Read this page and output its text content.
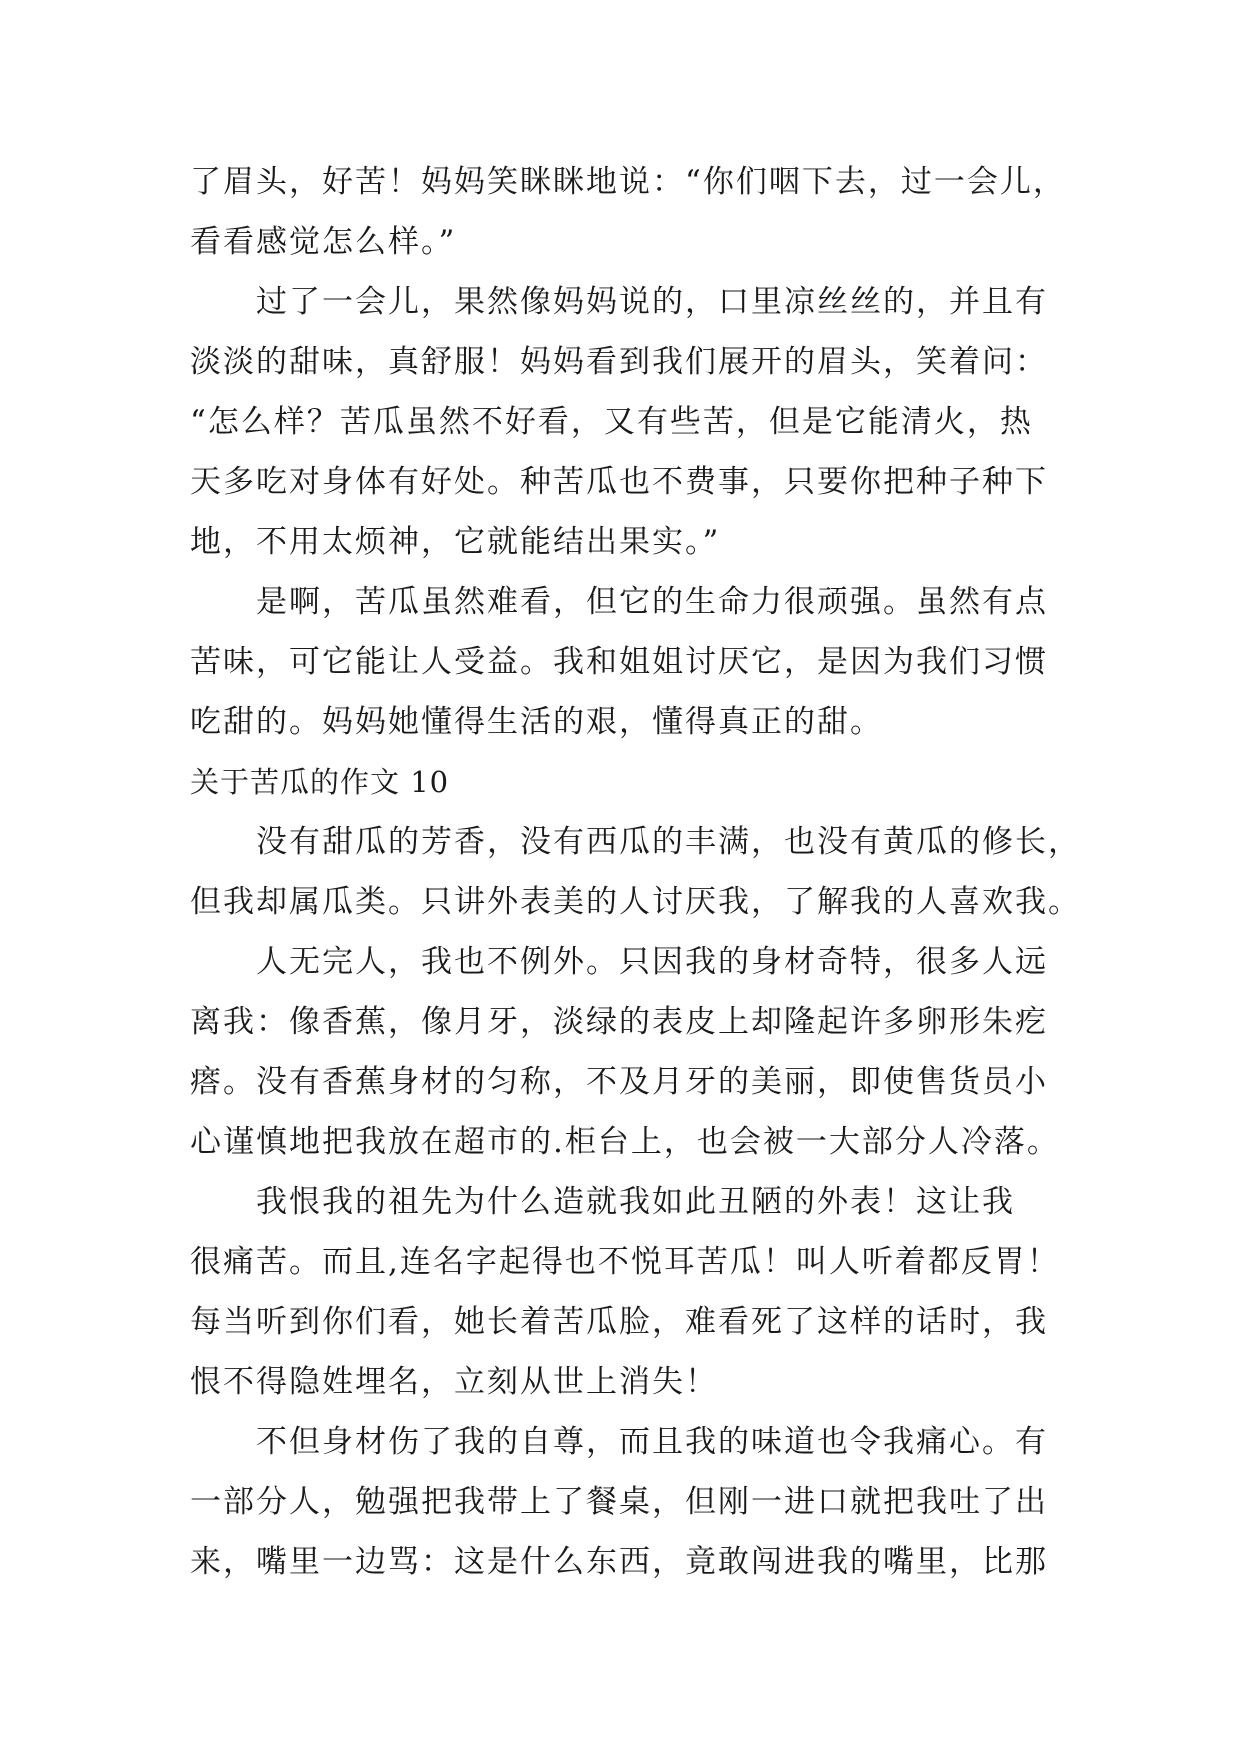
了眉头，好苦！妈妈笑眯眯地说：“你们咽下去，过一会儿，
看看感觉怎么样。”
过了一会儿，果然像妈妈说的，口里凉丝丝的，并且有
淡淡的甜味，真舒服！妈妈看到我们展开的眉头，笑着问：
“怎么样？苦瓜虽然不好看，又有些苦，但是它能清火，热
天多吃对身体有好处。种苦瓜也不费事，只要你把种子种下
地，不用太烦神，它就能结出果实。”
是啊，苦瓜虽然难看，但它的生命力很顽强。虽然有点
苦味，可它能让人受益。我和姐姐讨厌它，是因为我们习惯
吃甜的。妈妈她懂得生活的艰，懂得真正的甜。
关于苦瓜的作文 10
没有甜瓜的芳香，没有西瓜的丰满，也没有黄瓜的修长，
但我却属瓜类。只讲外表美的人讨厌我，了解我的人喜欢我。
人无完人，我也不例外。只因我的身材奇特，很多人远
离我：像香蕉，像月牙，淡绿的表皮上却隆起许多卵形朱疙
瘩。没有香蕉身材的匀称，不及月牙的美丽，即使售货员小
心谨慎地把我放在超市的.柜台上，也会被一大部分人冷落。
我恨我的祖先为什么造就我如此丑陋的外表！这让我
很痛苦。而且,连名字起得也不悦耳苦瓜！叫人听着都反胃！
每当听到你们看，她长着苦瓜脸，难看死了这样的话时，我
恨不得隐姓埋名，立刻从世上消失！
不但身材伤了我的自尊，而且我的味道也令我痛心。有
一部分人，勉强把我带上了餐桌，但刚一进口就把我吐了出
来，嘴里一边骂：这是什么东西，竟敢闯进我的嘴里，比那
